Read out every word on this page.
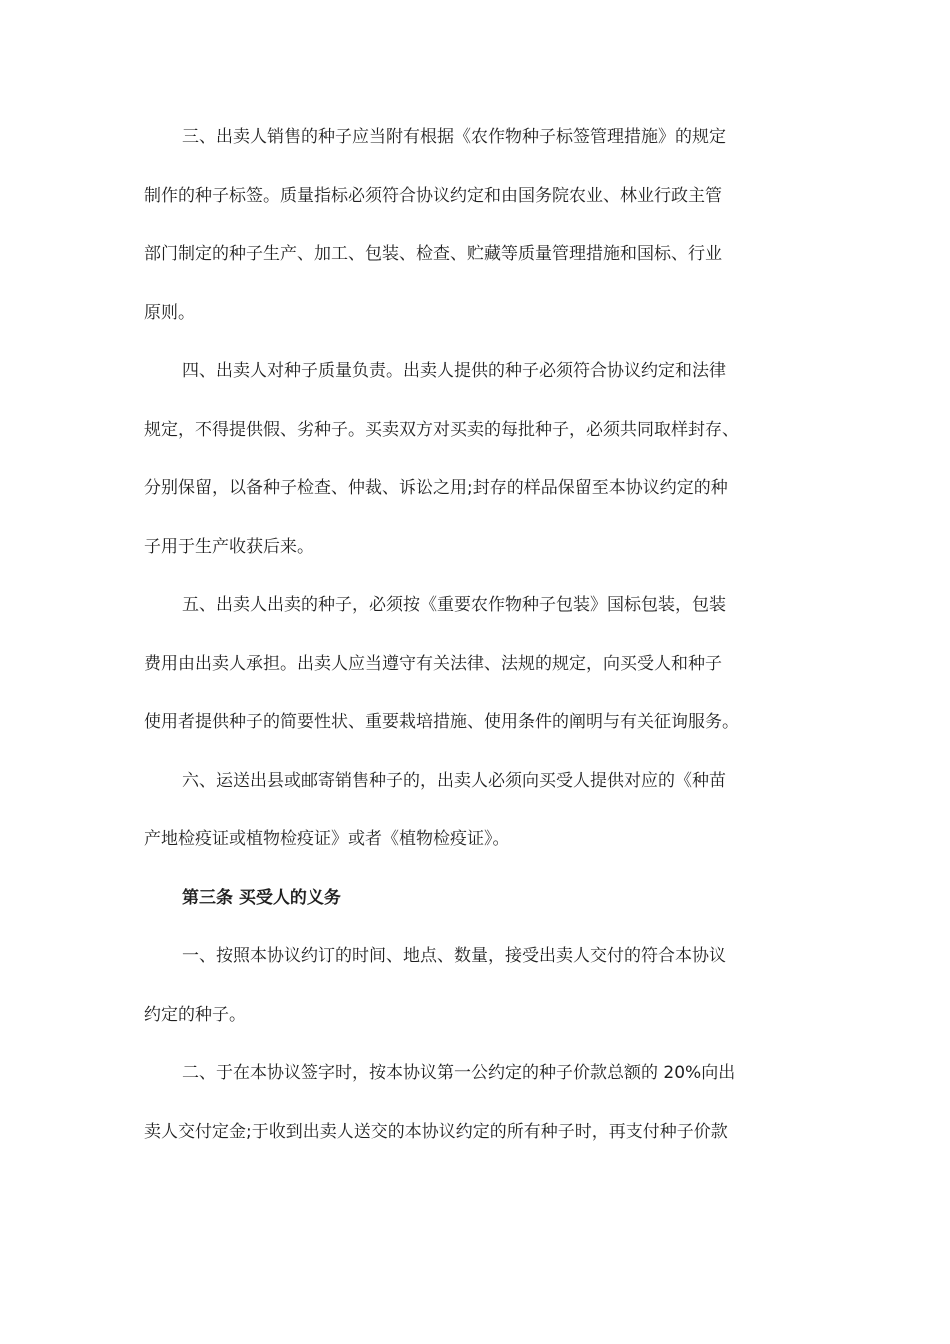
三、出卖人销售的种子应当附有根据《农作物种子标签管理措施》的规定
制作的种子标签。质量指标必须符合协议约定和由国务院农业、林业行政主管
部门制定的种子生产、加工、包装、检查、贮藏等质量管理措施和国标、行业
原则。
四、出卖人对种子质量负责。出卖人提供的种子必须符合协议约定和法律
规定，不得提供假、劣种子。买卖双方对买卖的每批种子，必须共同取样封存、
分别保留，以备种子检查、仲裁、诉讼之用;封存的样品保留至本协议约定的种
子用于生产收获后来。
五、出卖人出卖的种子，必须按《重要农作物种子包装》国标包装，包装
费用由出卖人承担。出卖人应当遵守有关法律、法规的规定，向买受人和种子
使用者提供种子的简要性状、重要栽培措施、使用条件的阐明与有关征询服务。
六、运送出县或邮寄销售种子的，出卖人必须向买受人提供对应的《种苗
产地检疫证或植物检疫证》或者《植物检疫证》。
第三条 买受人的义务
一、按照本协议约订的时间、地点、数量，接受出卖人交付的符合本协议
约定的种子。
二、于在本协议签字时，按本协议第一公约定的种子价款总额的 20%向出
卖人交付定金;于收到出卖人送交的本协议约定的所有种子时，再支付种子价款
